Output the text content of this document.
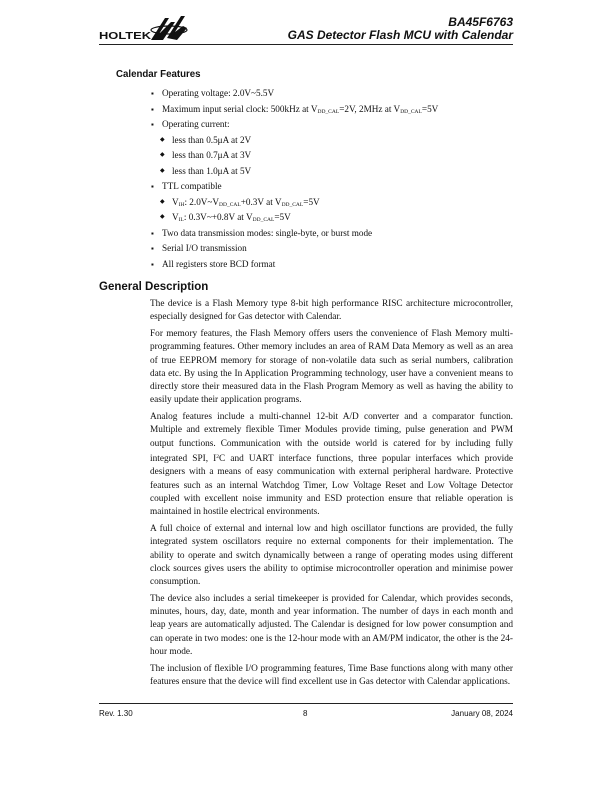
HOLTEK
BA45F6763
GAS Detector Flash MCU with Calendar
Calendar Features
▪ Operating voltage: 2.0V~5.5V
▪ Maximum input serial clock: 500kHz at $V_{DD\_CAL}=2V$, 2MHz at $V_{DD\_CAL}=5V$
▪ Operating current:
◆ less than 0.5μA at 2V
◆ less than 0.7μA at 3V
◆ less than 1.0μA at 5V
▪ TTL compatible
◆ $V_{IH}$: $2.0V\sim V_{DD\_CAL}+0.3V$ at $V_{DD\_CAL}=5V$
◆ $V_{IL}$: 0.3V~+0.8V at $V_{DD\_CAL}=5V$
▪ Two data transmission modes: single-byte, or burst mode
▪ Serial I/O transmission
▪ All registers store BCD format
General Description

The device is a Flash Memory type 8-bit high performance RISC architecture microcontroller, especially designed for Gas detector with Calendar.

For memory features, the Flash Memory offers users the convenience of Flash Memory multi-programming features. Other memory includes an area of RAM Data Memory as well as an area of true EEPROM memory for storage of non-volatile data such as serial numbers, calibration data etc. By using the In Application Programming technology, user have a convenient means to directly store their measured data in the Flash Program Memory as well as having the ability to easily update their application programs.

Analog features include a multi-channel 12-bit A/D converter and a comparator function. Multiple and extremely flexible Timer Modules provide timing, pulse generation and PWM output functions. Communication with the outside world is catered for by including fully integrated SPI, $I^2C$ and UART interface functions, three popular interfaces which provide designers with a means of easy communication with external peripheral hardware. Protective features such as an internal Watchdog Timer, Low Voltage Reset and Low Voltage Detector coupled with excellent noise immunity and ESD protection ensure that reliable operation is maintained in hostile electrical environments.

A full choice of external and internal low and high oscillator functions are provided, the fully integrated system oscillators require no external components for their implementation. The ability to operate and switch dynamically between a range of operating modes using different clock sources gives users the ability to optimise microcontroller operation and minimise power consumption.

The device also includes a serial timekeeper is provided for Calendar, which provides seconds, minutes, hours, day, date, month and year information. The number of days in each month and leap years are automatically adjusted. The Calendar is designed for low power consumption and can operate in two modes: one is the 12-hour mode with an AM/PM indicator, the other is the 24-hour mode.

The inclusion of flexible I/O programming features, Time Base functions along with many other features ensure that the device will find excellent use in Gas detector with Calendar applications.

Rev. 1.30	8	January 08, 2024
